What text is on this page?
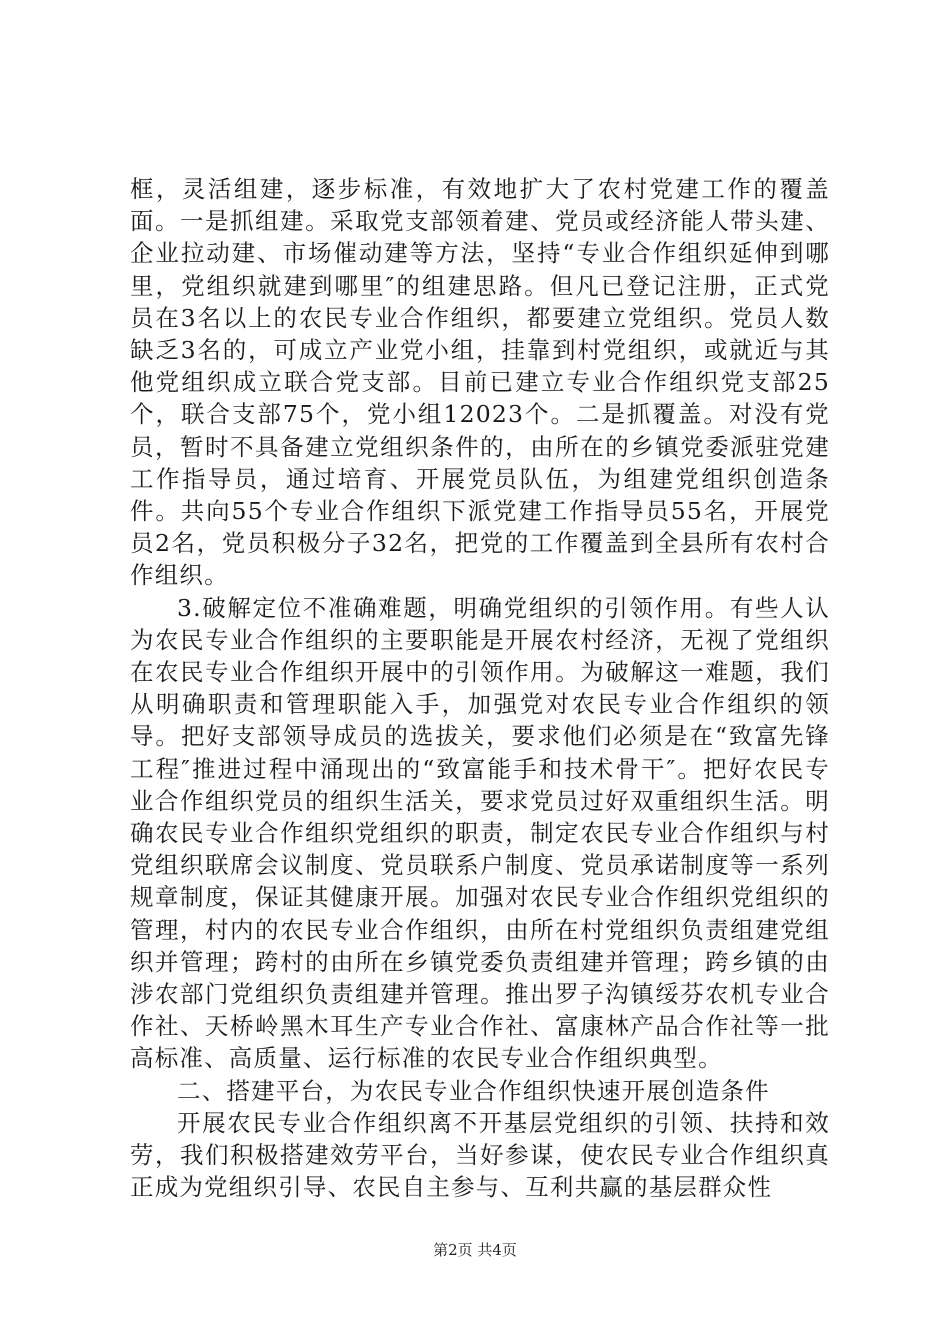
框，灵活组建，逐步标准，有效地扩大了农村党建工作的覆盖面。一是抓组建。采取党支部领着建、党员或经济能人带头建、企业拉动建、市场催动建等方法，坚持“专业合作组织延伸到哪里，党组织就建到哪里″的组建思路。但凡已登记注册，正式党员在3名以上的农民专业合作组织，都要建立党组织。党员人数缺乏3名的，可成立产业党小组，挂靠到村党组织，或就近与其他党组织成立联合党支部。目前已建立专业合作组织党支部25个，联合支部75个，党小组12023个。二是抓覆盖。对没有党员，暂时不具备建立党组织条件的，由所在的乡镇党委派驻党建工作指导员，通过培育、开展党员队伍，为组建党组织创造条件。共向55个专业合作组织下派党建工作指导员55名，开展党员2名，党员积极分子32名，把党的工作覆盖到全县所有农村合作组织。

3.破解定位不准确难题，明确党组织的引领作用。有些人认为农民专业合作组织的主要职能是开展农村经济，无视了党组织在农民专业合作组织开展中的引领作用。为破解这一难题，我们从明确职责和管理职能入手，加强党对农民专业合作组织的领导。把好支部领导成员的选拔关，要求他们必须是在“致富先锋工程″推进过程中涌现出的“致富能手和技术骨干″。把好农民专业合作组织党员的组织生活关，要求党员过好双重组织生活。明确农民专业合作组织党组织的职责，制定农民专业合作组织与村党组织联席会议制度、党员联系户制度、党员承诺制度等一系列规章制度，保证其健康开展。加强对农民专业合作组织党组织的管理，村内的农民专业合作组织，由所在村党组织负责组建党组织并管理；跨村的由所在乡镇党委负责组建并管理；跨乡镇的由涉农部门党组织负责组建并管理。推出罗子沟镇绥芬农机专业合作社、天桥岭黑木耳生产专业合作社、富康林产品合作社等一批高标准、高质量、运行标准的农民专业合作组织典型。

二、搭建平台，为农民专业合作组织快速开展创造条件

开展农民专业合作组织离不开基层党组织的引领、扶持和效劳，我们积极搭建效劳平台，当好参谋，使农民专业合作组织真正成为党组织引导、农民自主参与、互利共赢的基层群众性

第2页 共4页
